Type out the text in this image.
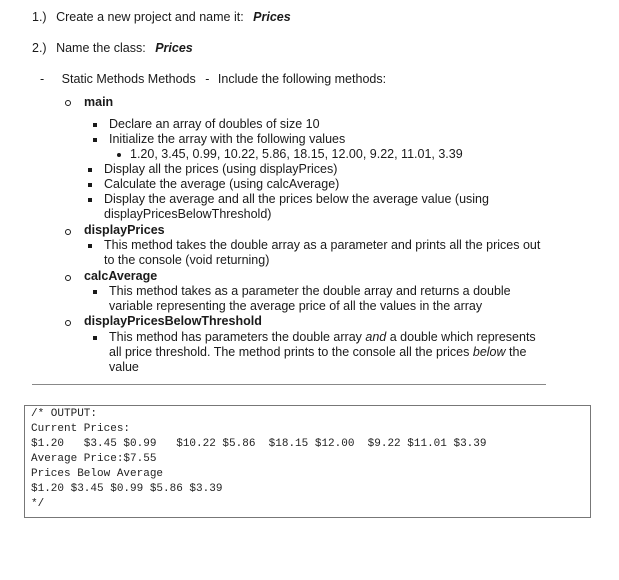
1.) Create a new project and name it: Prices
2.) Name the class: Prices
- Static Methods Methods - Include the following methods:
main
Declare an array of doubles of size 10
Initialize the array with the following values
1.20, 3.45, 0.99, 10.22, 5.86, 18.15, 12.00, 9.22, 11.01, 3.39
Display all the prices (using displayPrices)
Calculate the average (using calcAverage)
Display the average and all the prices below the average value (using
displayPricesBelowThreshold)
displayPrices
This method takes the double array as a parameter and prints all the prices out
to the console (void returning)
calcAverage
This method takes as a parameter the double array and returns a double
variable representing the average price of all the values in the array
displayPricesBelowThreshold
This method has parameters the double array and a double which represents
all price threshold. The method prints to the console all the prices below the
value
/* OUTPUT:
Current Prices:
$1.20   $3.45 $0.99   $10.22 $5.86  $18.15 $12.00  $9.22 $11.01 $3.39
Average Price:$7.55
Prices Below Average
$1.20 $3.45 $0.99 $5.86 $3.39
*/
